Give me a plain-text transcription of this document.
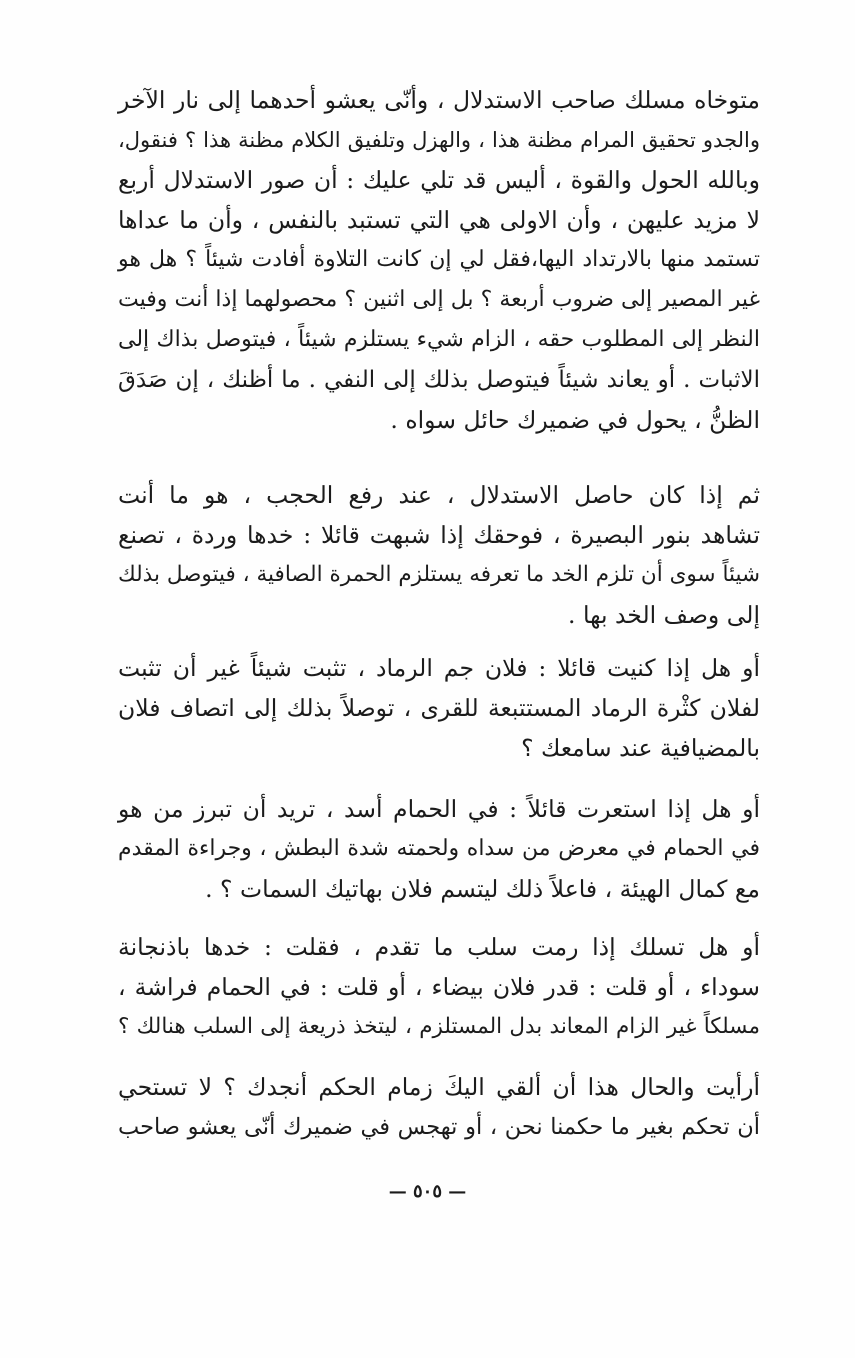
متوخاه مسلك صاحب الاستدلال ، وأنّى يعشو أحدهما إلى نار الآخر
والجدو تحقيق المرام مظنة هذا ، والهزل وتلفيق الكلام مظنة هذا ؟ فنقول،
وبالله الحول والقوة ، أليس قد تلي عليك : أن صور الاستدلال أربع
لا مزيد عليهن ، وأن الاولى هي التي تستبد بالنفس ، وأن ما عداها
تستمد منها بالارتداد اليها،فقل لي إن كانت التلاوة أفادت شيئاً ؟ هل هو
غير المصير إلى ضروب أربعة ؟ بل إلى اثنين ؟ محصولهما إذا أنت وفيت
النظر إلى المطلوب حقه ، الزام شيء يستلزم شيئاً ، فيتوصل بذاك إلى
الاثبات . أو يعاند شيئاً فيتوصل بذلك إلى النفي . ما أظنك ، إن صَدَقَ
الظنُّ ، يحول في ضميرك حائل سواه .
ثم إذا كان حاصل الاستدلال ، عند رفع الحجب ، هو ما أنت
تشاهد بنور البصيرة ، فوحقك إذا شبهت قائلا : خدها وردة ، تصنع
شيئاً سوى أن تلزم الخد ما تعرفه يستلزم الحمرة الصافية ، فيتوصل بذلك
إلى وصف الخد بها .
أو هل إذا كنيت قائلا : فلان جم الرماد ، تثبت شيئاً غير أن تثبت
لفلان كثْرة الرماد المستتبعة للقرى ، توصلاً بذلك إلى اتصاف فلان
بالمضيافية عند سامعك ؟
أو هل إذا استعرت قائلاً : في الحمام أسد ، تريد أن تبرز من هو
في الحمام في معرض من سداه ولحمته شدة البطش ، وجراءة المقدم
مع كمال الهيئة ، فاعلاً ذلك ليتسم فلان بهاتيك السمات ؟ .
أو هل تسلك إذا رمت سلب ما تقدم ، فقلت : خدها باذنجانة
سوداء ، أو قلت : قدر فلان بيضاء ، أو قلت : في الحمام فراشة ،
مسلكاً غير الزام المعاند بدل المستلزم ، ليتخذ ذريعة إلى السلب هنالك ؟
أرأيت والحال هذا أن ألقي اليكَ زمام الحكم أنجدك ؟ لا تستحي
أن تحكم بغير ما حكمنا نحن ، أو تهجس في ضميرك أنّى يعشو صاحب
— ٥٠٥ —
